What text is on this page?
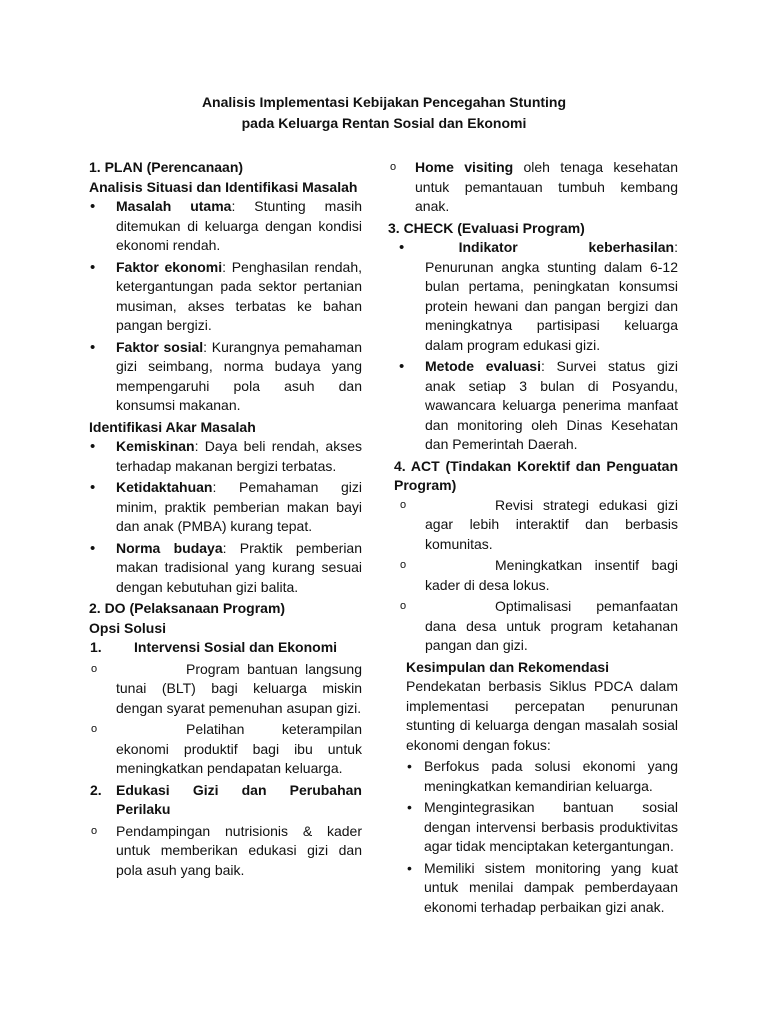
Analisis Implementasi Kebijakan Pencegahan Stunting
pada Keluarga Rentan Sosial dan Ekonomi
1. PLAN (Perencanaan)
Analisis Situasi dan Identifikasi Masalah
• Masalah utama: Stunting masih ditemukan di keluarga dengan kondisi ekonomi rendah.
• Faktor ekonomi: Penghasilan rendah, ketergantungan pada sektor pertanian musiman, akses terbatas ke bahan pangan bergizi.
• Faktor sosial: Kurangnya pemahaman gizi seimbang, norma budaya yang mempengaruhi pola asuh dan konsumsi makanan.
Identifikasi Akar Masalah
• Kemiskinan: Daya beli rendah, akses terhadap makanan bergizi terbatas.
• Ketidaktahuan: Pemahaman gizi minim, praktik pemberian makan bayi dan anak (PMBA) kurang tepat.
• Norma budaya: Praktik pemberian makan tradisional yang kurang sesuai dengan kebutuhan gizi balita.
2. DO (Pelaksanaan Program)
Opsi Solusi
1. Intervensi Sosial dan Ekonomi
o	Program bantuan langsung tunai (BLT) bagi keluarga miskin dengan syarat pemenuhan asupan gizi.
o	Pelatihan keterampilan ekonomi produktif bagi ibu untuk meningkatkan pendapatan keluarga.
2. Edukasi Gizi dan Perubahan Perilaku
o Pendampingan nutrisionis & kader untuk memberikan edukasi gizi dan pola asuh yang baik.
o Home visiting oleh tenaga kesehatan untuk pemantauan tumbuh kembang anak.
3. CHECK (Evaluasi Program)
• Indikator keberhasilan: Penurunan angka stunting dalam 6-12 bulan pertama, peningkatan konsumsi protein hewani dan pangan bergizi dan meningkatnya partisipasi keluarga dalam program edukasi gizi.
• Metode evaluasi: Survei status gizi anak setiap 3 bulan di Posyandu, wawancara keluarga penerima manfaat dan monitoring oleh Dinas Kesehatan dan Pemerintah Daerah.
4. ACT (Tindakan Korektif dan Penguatan Program)
o	Revisi strategi edukasi gizi agar lebih interaktif dan berbasis komunitas.
o	Meningkatkan insentif bagi kader di desa lokus.
o	Optimalisasi pemanfaatan dana desa untuk program ketahanan pangan dan gizi.
Kesimpulan dan Rekomendasi
Pendekatan berbasis Siklus PDCA dalam implementasi percepatan penurunan stunting di keluarga dengan masalah sosial ekonomi dengan fokus:
• Berfokus pada solusi ekonomi yang meningkatkan kemandirian keluarga.
• Mengintegrasikan bantuan sosial dengan intervensi berbasis produktivitas agar tidak menciptakan ketergantungan.
• Memiliki sistem monitoring yang kuat untuk menilai dampak pemberdayaan ekonomi terhadap perbaikan gizi anak.
